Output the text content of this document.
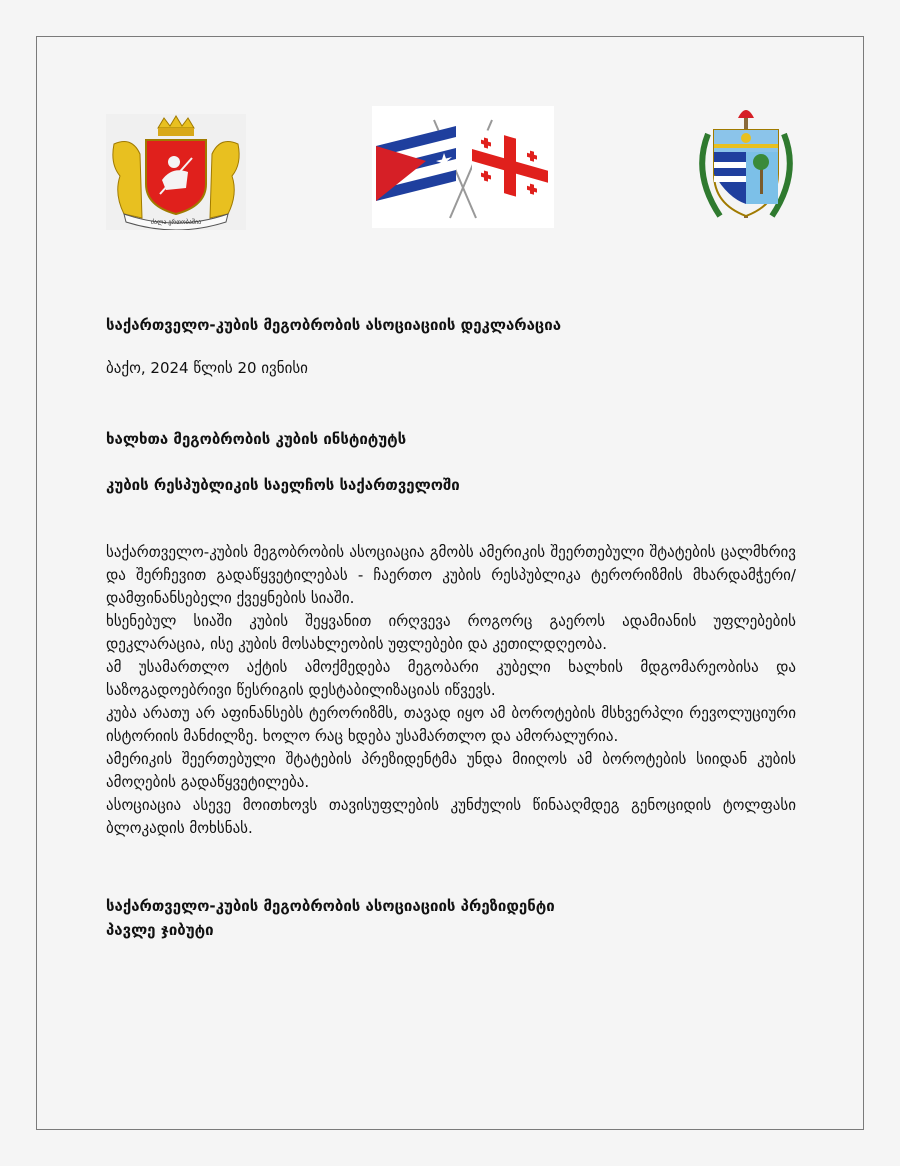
ძალა ერთობაშია
საქართველო-კუბის მეგობრობის ასოციაციის დეკლარაცია
ბაქო, 2024 წლის 20 ივნისი
ხალხთა მეგობრობის კუბის ინსტიტუტს
კუბის რესპუბლიკის საელჩოს საქართველოში

საქართველო-კუბის მეგობრობის ასოციაცია გმობს ამერიკის შეერთებული შტატების ცალმხრივ და შერჩევით გადაწყვეტილებას - ჩაერთო კუბის რესპუბლიკა ტერორიზმის მხარდამჭერი/დამფინანსებელი ქვეყნების სიაში.

ხსენებულ სიაში კუბის შეყვანით ირღვევა როგორც გაეროს ადამიანის უფლებების დეკლარაცია, ისე კუბის მოსახლეობის უფლებები და კეთილდღეობა.

ამ უსამართლო აქტის ამოქმედება მეგობარი კუბელი ხალხის მდგომარეობისა და საზოგადოებრივი წესრიგის დესტაბილიზაციას იწვევს.

კუბა არათუ არ აფინანსებს ტერორიზმს, თავად იყო ამ ბოროტების მსხვერპლი რევოლუციური ისტორიის მანძილზე. ხოლო რაც ხდება უსამართლო და ამორალურია.

ამერიკის შეერთებული შტატების პრეზიდენტმა უნდა მიიღოს ამ ბოროტების სიიდან კუბის ამოღების გადაწყვეტილება.

ასოციაცია ასევე მოითხოვს თავისუფლების კუნძულის წინააღმდეგ გენოციდის ტოლფასი ბლოკადის მოხსნას.

საქართველო-კუბის მეგობრობის ასოციაციის პრეზიდენტი
პავლე ჯიბუტი
